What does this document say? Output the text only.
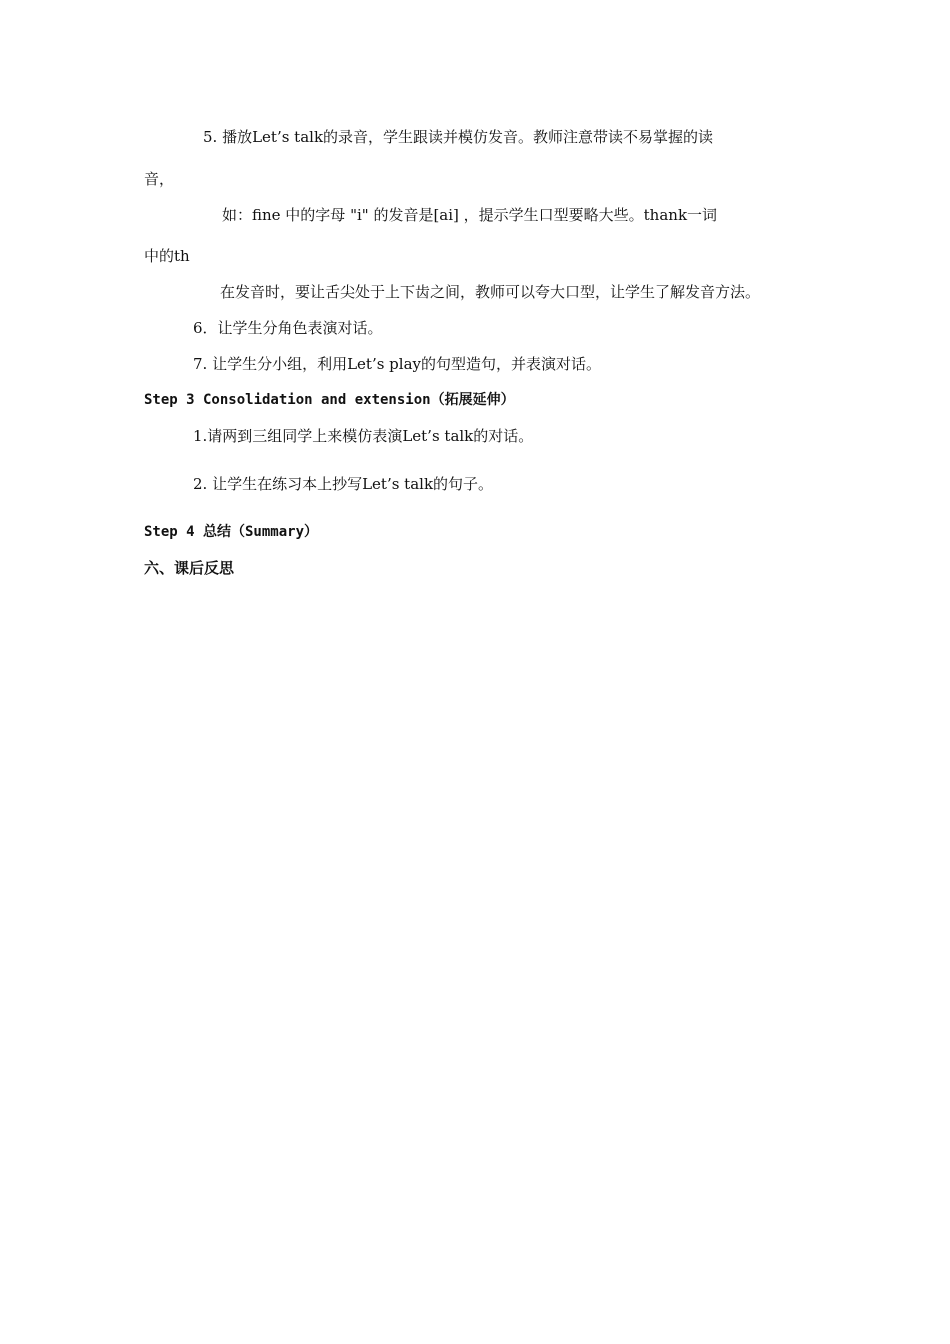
5. 播放Let’s talk的录音，学生跟读并模仿发音。教师注意带读不易掌握的读
音，
如：fine 中的字母 "i" 的发音是[ai] ，提示学生口型要略大些。thank一词
中的th
在发音时，要让舌尖处于上下齿之间，教师可以夸大口型，让学生了解发音方法。
6．让学生分角色表演对话。
7. 让学生分小组，利用Let’s play的句型造句，并表演对话。
Step 3 Consolidation and extension（拓展延伸）
1.请两到三组同学上来模仿表演Let’s talk的对话。
2. 让学生在练习本上抄写Let’s talk的句子。
Step 4 总结（Summary）
六、课后反思
